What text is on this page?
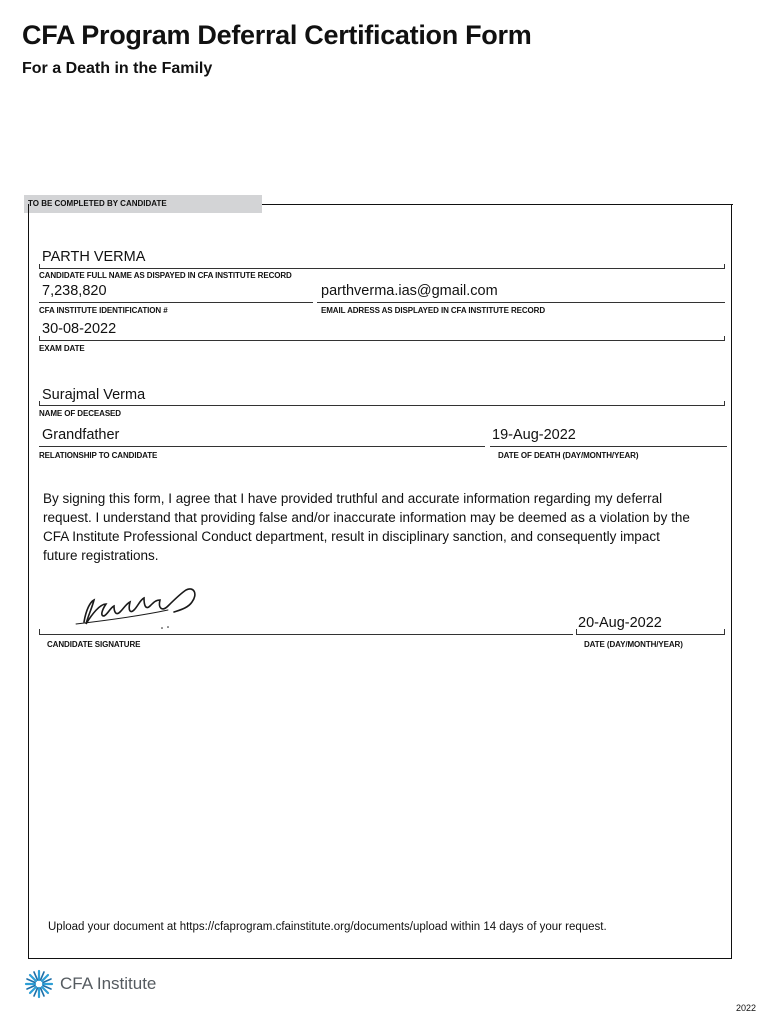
CFA Program Deferral Certification Form
For a Death in the Family
TO BE COMPLETED BY CANDIDATE
PARTH VERMA
CANDIDATE FULL NAME AS DISPAYED IN CFA INSTITUTE RECORD
7,238,820
CFA INSTITUTE IDENTIFICATION #
parthverma.ias@gmail.com
EMAIL ADRESS AS DISPLAYED IN CFA INSTITUTE RECORD
30-08-2022
EXAM DATE
Surajmal Verma
NAME OF DECEASED
Grandfather
RELATIONSHIP TO CANDIDATE
19-Aug-2022
DATE OF DEATH (DAY/MONTH/YEAR)
By signing this form, I agree that I have provided truthful and accurate information regarding my deferral request. I understand that providing false and/or inaccurate information may be deemed as a violation by the CFA Institute Professional Conduct department, result in disciplinary sanction, and consequently impact future registrations.
CANDIDATE SIGNATURE
20-Aug-2022
DATE (DAY/MONTH/YEAR)
Upload your document at https://cfaprogram.cfainstitute.org/documents/upload within 14 days of your request.
CFA Institute
2022
